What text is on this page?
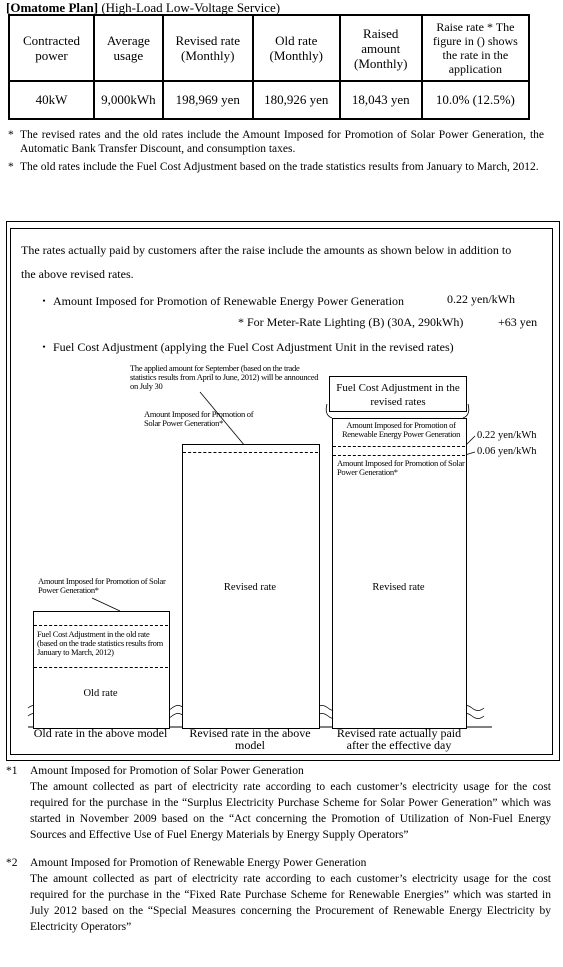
[Omatome Plan] (High-Load Low-Voltage Service)
Contracted power	Average usage	Revised rate (Monthly)	Old rate (Monthly)	Raised amount (Monthly)	Raise rate * The figure in () shows the rate in the application
40kW	9,000kWh	198,969 yen	180,926 yen	18,043 yen	10.0% (12.5%)
* The revised rates and the old rates include the Amount Imposed for Promotion of Solar Power Generation, the Automatic Bank Transfer Discount, and consumption taxes.
* The old rates include the Fuel Cost Adjustment based on the trade statistics results from January to March, 2012.
The rates actually paid by customers after the raise include the amounts as shown below in addition to
the above revised rates.
・ Amount Imposed for Promotion of Renewable Energy Power Generation	0.22 yen/kWh
* For Meter-Rate Lighting (B) (30A, 290kWh)	+63 yen
・ Fuel Cost Adjustment (applying the Fuel Cost Adjustment Unit in the revised rates)
The applied amount for September (based on the trade statistics results from April to June, 2012) will be announced on July 30
Amount Imposed for Promotion of Solar Power Generation*
Fuel Cost Adjustment in the old rate (based on the trade statistics results from January to March, 2012)
Old rate
Amount Imposed for Promotion of Solar Power Generation*
Revised rate
Fuel Cost Adjustment in the revised rates
Amount Imposed for Promotion of Renewable Energy Power Generation
Amount Imposed for Promotion of Solar Power Generation*
0.22 yen/kWh
0.06 yen/kWh
Revised rate
Old rate in the above model	Revised rate in the above model
Revised rate actually paid after the effective day
*1	Amount Imposed for Promotion of Solar Power Generation
The amount collected as part of electricity rate according to each customer’s electricity usage for the cost required for the purchase in the “Surplus Electricity Purchase Scheme for Solar Power Generation” which was started in November 2009 based on the “Act concerning the Promotion of Utilization of Non-Fuel Energy Sources and Effective Use of Fuel Energy Materials by Energy Supply Operators”
*2	Amount Imposed for Promotion of Renewable Energy Power Generation
The amount collected as part of electricity rate according to each customer’s electricity usage for the cost required for the purchase in the “Fixed Rate Purchase Scheme for Renewable Energies” which was started in July 2012 based on the “Special Measures concerning the Procurement of Renewable Energy Electricity by Electricity Operators”
